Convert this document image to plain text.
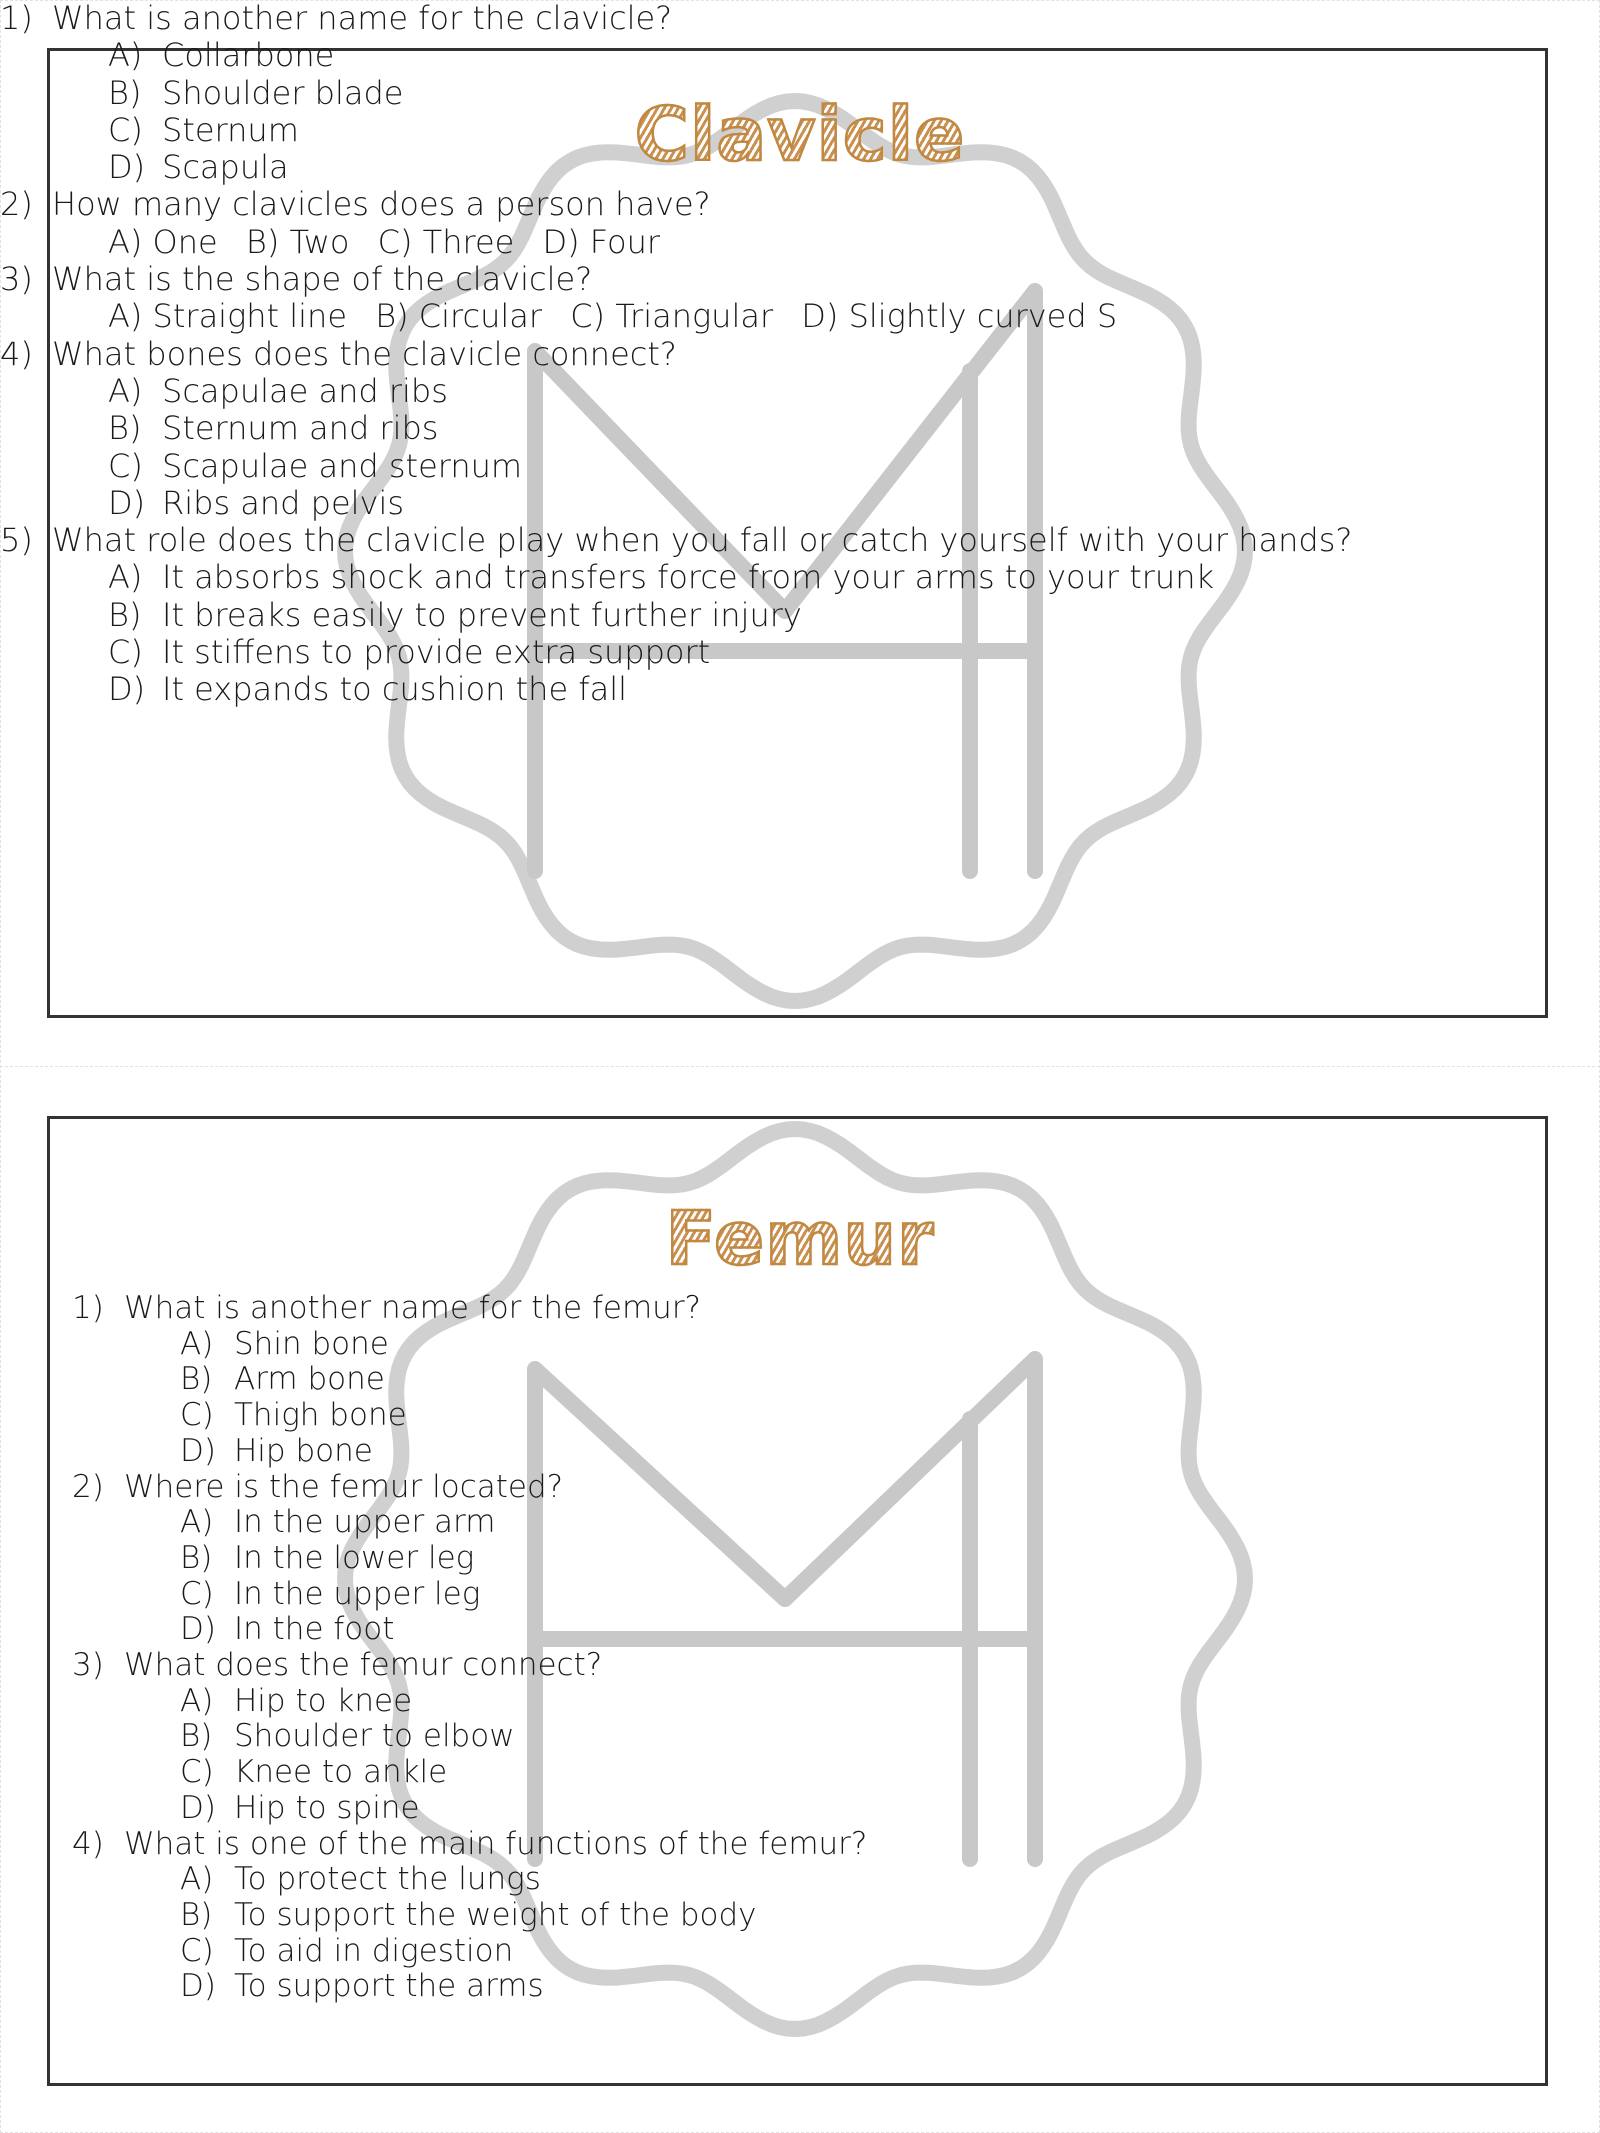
Clavicle
1) What is another name for the clavicle?
A) Collarbone
B) Shoulder blade
C) Sternum
D) Scapula
2) How many clavicles does a person have?
A) One B) Two C) Three D) Four
3) What is the shape of the clavicle?
A) Straight line B) Circular C) Triangular D) Slightly curved S
4) What bones does the clavicle connect?
A) Scapulae and ribs
B) Sternum and ribs
C) Scapulae and sternum
D) Ribs and pelvis
5) What role does the clavicle play when you fall or catch yourself with your hands?
A) It absorbs shock and transfers force from your arms to your trunk
B) It breaks easily to prevent further injury
C) It stiffens to provide extra support
D) It expands to cushion the fall
Femur
1) What is another name for the femur?
A) Shin bone
B) Arm bone
C) Thigh bone
D) Hip bone
2) Where is the femur located?
A) In the upper arm
B) In the lower leg
C) In the upper leg
D) In the foot
3) What does the femur connect?
A) Hip to knee
B) Shoulder to elbow
C) Knee to ankle
D) Hip to spine
4) What is one of the main functions of the femur?
A) To protect the lungs
B) To support the weight of the body
C) To aid in digestion
D) To support the arms
